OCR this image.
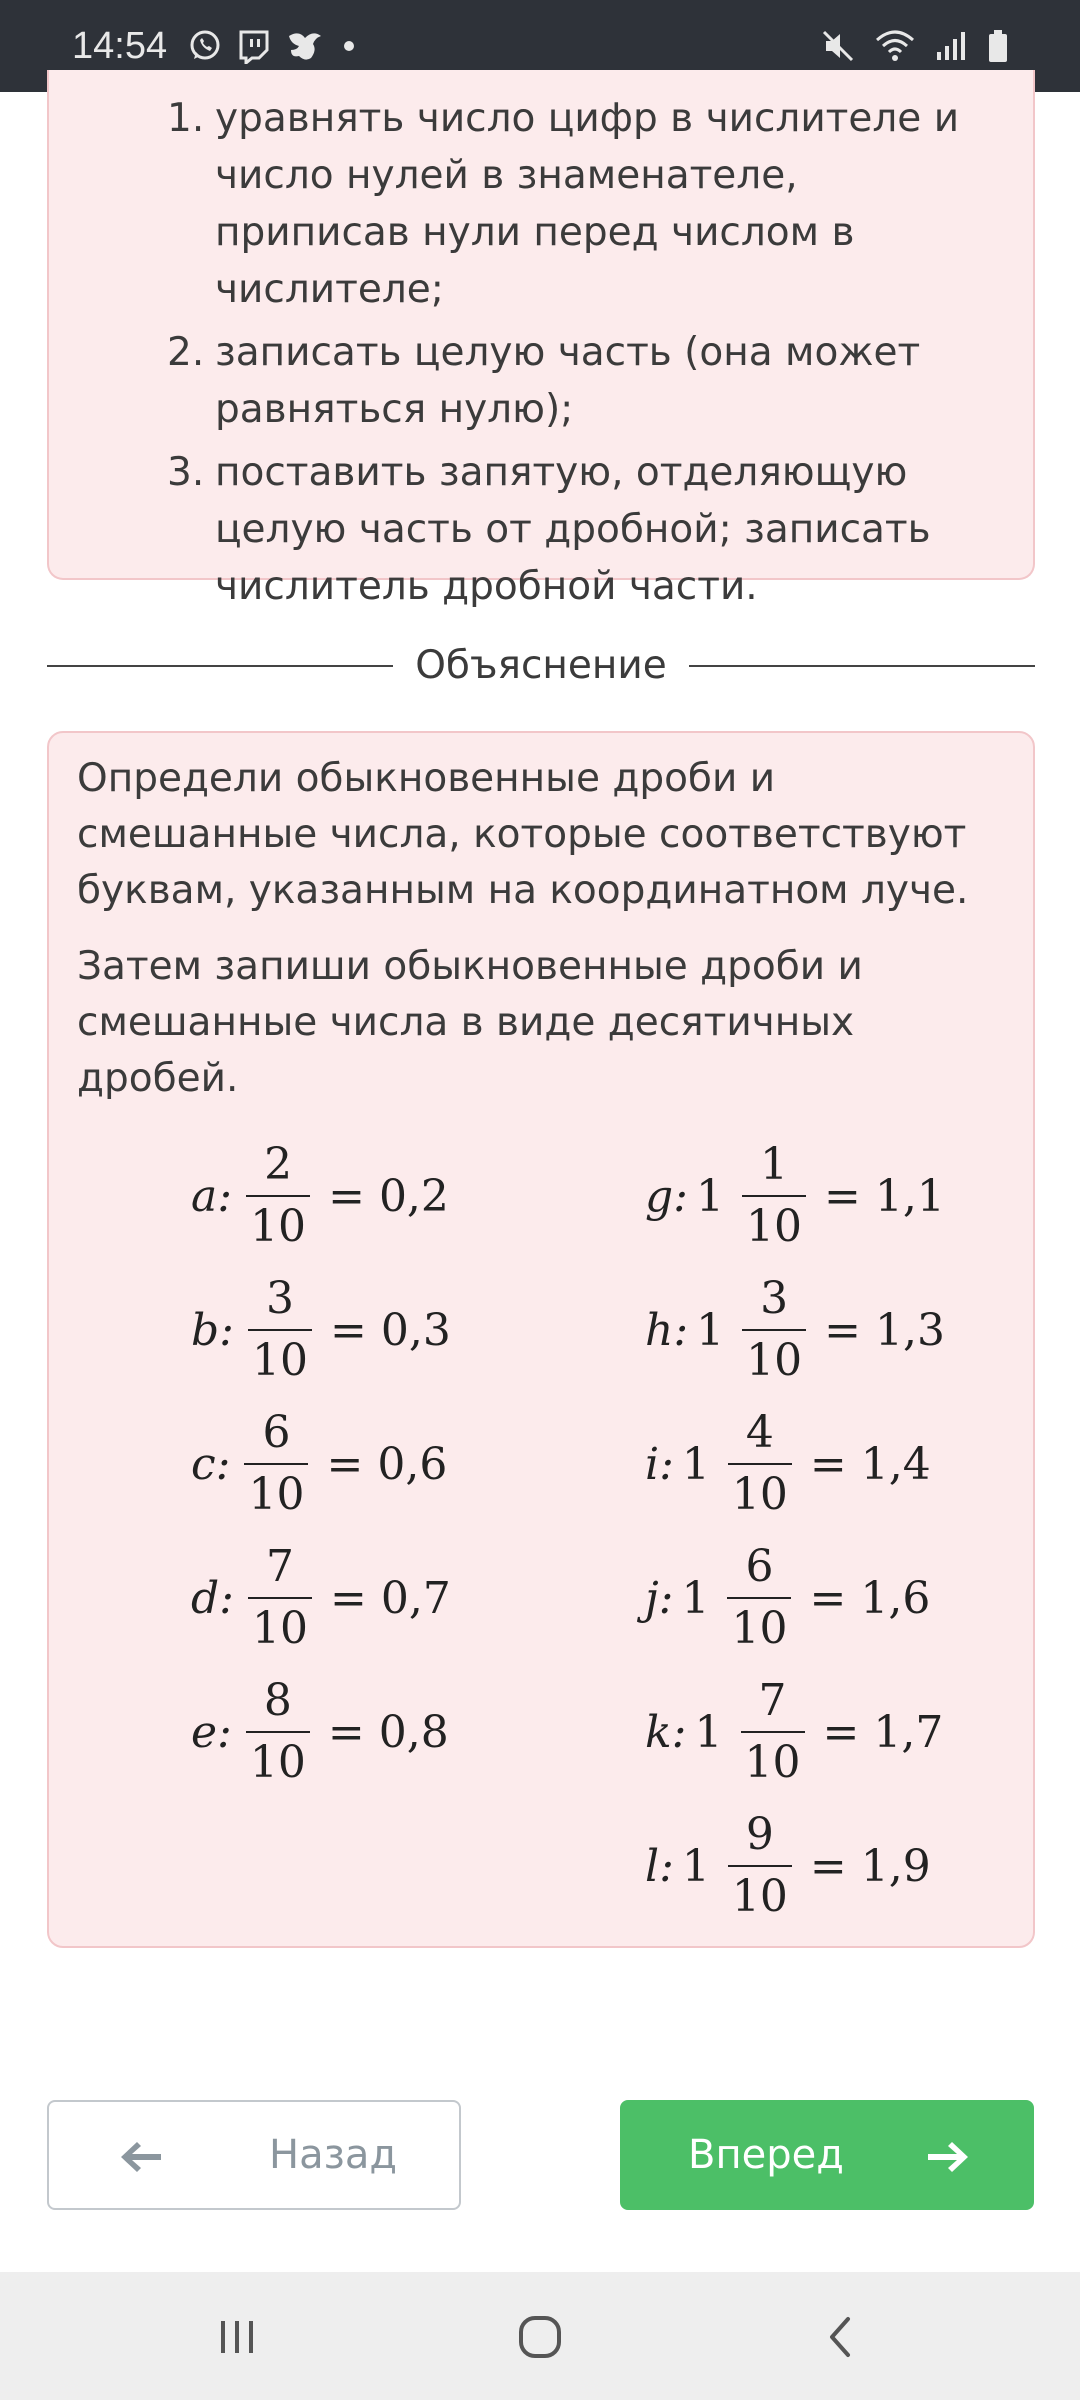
14:54
1. уравнять число цифр в числителе и число нулей в знаменателе, приписав нули перед числом в числителе;
2. записать целую часть (она может равняться нулю);
3. поставить запятую, отделяющую целую часть от дробной; записать числитель дробной части.
Объяснение

Определи обыкновенные дроби и смешанные числа, которые соответствуют буквам, указанным на координатном луче.

Затем запиши обыкновенные дроби и смешанные числа в виде десятичных дробей.

a: $\frac{2}{10} = 0,2$
b: $\frac{3}{10} = 0,3$
c: $\frac{6}{10} = 0,6$
d: $\frac{7}{10} = 0,7$
e: $\frac{8}{10} = 0,8$
g: $1 \frac{1}{10} = 1,1$
h: $1 \frac{3}{10} = 1,3$
i: $1 \frac{4}{10} = 1,4$
j: $1 \frac{6}{10} = 1,6$
k: $1 \frac{7}{10} = 1,7$
l: $1 \frac{9}{10} = 1,9$
Назад	Вперед
